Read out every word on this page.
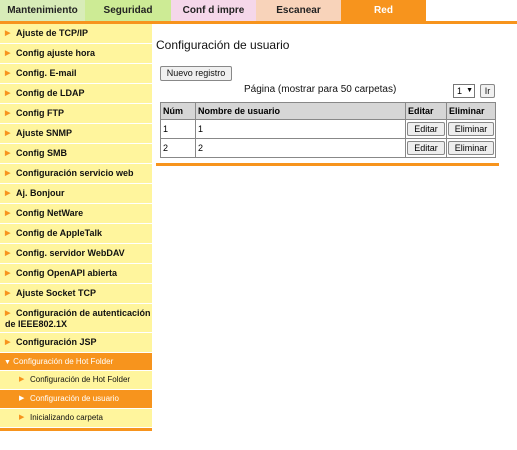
Mantenimiento	Seguridad	Conf d impre	Escanear	Red
▶ Ajuste de TCP/IP
▶ Config ajuste hora
▶ Config. E-mail
▶ Config de LDAP
▶ Config FTP
▶ Ajuste SNMP
▶ Config SMB
▶ Configuración servicio web
▶ Aj. Bonjour
▶ Config NetWare
▶ Config de AppleTalk
▶ Config. servidor WebDAV
▶ Config OpenAPI abierta
▶ Ajuste Socket TCP
▶ Configuración de autenticación de IEEE802.1X
▶ Configuración JSP
▼ Configuración de Hot Folder
▶ Configuración de Hot Folder
▶ Configuración de usuario
▶ Inicializando carpeta
Configuración de usuario
Nuevo registro
Página (mostrar para 50 carpetas)	1 ▼	Ir
Núm	Nombre de usuario	Editar	Eliminar
1	1	Editar	Eliminar
2	2	Editar	Eliminar
